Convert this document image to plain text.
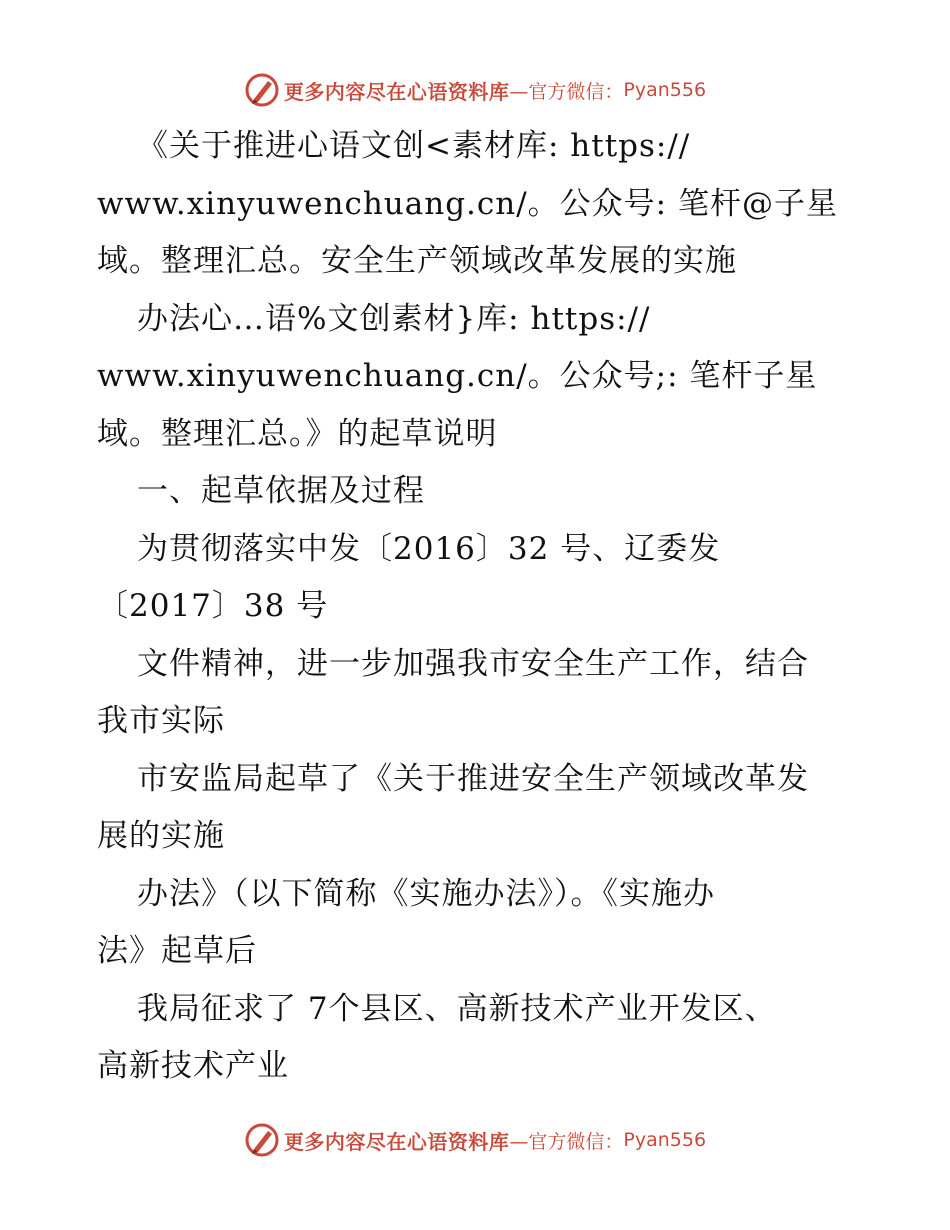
更多内容尽在心语资料库 —官方微信： Pyan556
《关于推进心语文创<素材库: https://
www.xinyuwenchuang.cn/。公众号: 笔杆@子星
域。整理汇总。安全生产领域改革发展的实施
办法心…语%文创素材}库: https://
www.xinyuwenchuang.cn/。公众号;: 笔杆子星
域。整理汇总。》的起草说明
一、起草依据及过程
为贯彻落实中发〔2016〕32 号、辽委发
〔2017〕38 号
文件精神，进一步加强我市安全生产工作，结合
我市实际
市安监局起草了《关于推进安全生产领域改革发
展的实施
办法》（以下简称《实施办法》）。《实施办
法》起草后
我局征求了 7个县区、高新技术产业开发区、
高新技术产业
更多内容尽在心语资料库 —官方微信： Pyan556
